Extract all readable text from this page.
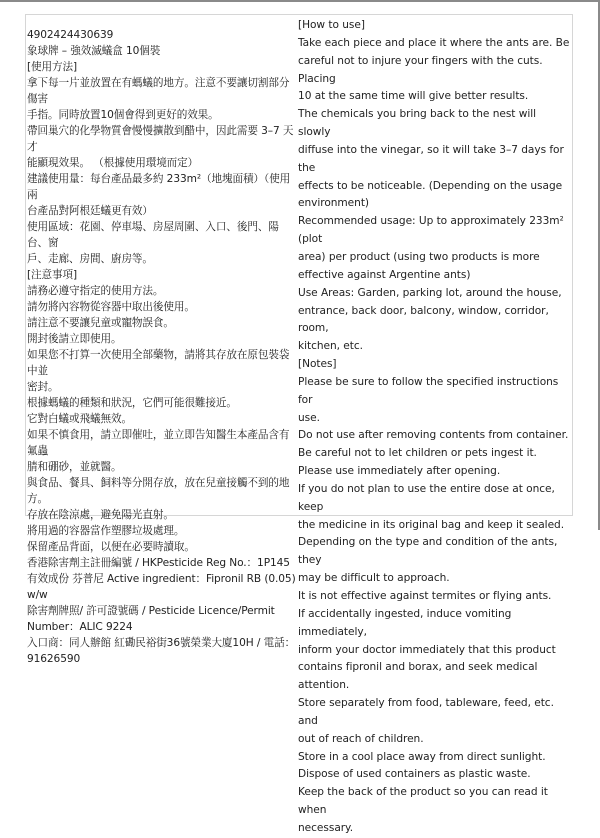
4902424430639
象球牌 – 強效滅蟻盒 10個裝
[使用方法]
拿下每一片並放置在有螞蟻的地方。注意不要讓切割部分傷害
手指。同時放置10個會得到更好的效果。
帶回巢穴的化學物質會慢慢擴散到醋中，因此需要 3–7 天才
能顯現效果。 （根據使用環境而定）
建議使用量：每台產品最多約 233m²（地塊面積）（使用兩
台產品對阿根廷蟻更有效）
使用區域：花園、停車場、房屋周圍、入口、後門、陽台、窗
戶、走廊、房間、廚房等。
[注意事項]
請務必遵守指定的使用方法。
請勿將內容物從容器中取出後使用。
請注意不要讓兒童或寵物誤食。
開封後請立即使用。
如果您不打算一次使用全部藥物，請將其存放在原包裝袋中並
密封。
根據螞蟻的種類和狀況，它們可能很難接近。
它對白蟻或飛蟻無效。
如果不慎食用，請立即催吐，並立即告知醫生本產品含有氟蟲
腈和硼砂，並就醫。
與食品、餐具、飼料等分開存放，放在兒童接觸不到的地方。
存放在陰涼處，避免陽光直射。
將用過的容器當作塑膠垃圾處理。
保留產品背面，以便在必要時讀取。
香港除害劑主註冊編號 / HKPesticide Reg No.：1P145
有效成份 芬普尼 Active ingredient：Fipronil RB (0.05)
w/w
除害劑牌照/ 許可證號碼 / Pesticide Licence/Permit
Number：ALIC 9224
入口商：同人辦館 紅磡民裕街36號榮業大廈10H / 電話：
91626590
[How to use]
Take each piece and place it where the ants are. Be
careful not to injure your fingers with the cuts. Placing
10 at the same time will give better results.
The chemicals you bring back to the nest will slowly
diffuse into the vinegar, so it will take 3–7 days for the
effects to be noticeable. (Depending on the usage
environment)
Recommended usage: Up to approximately 233m² (plot
area) per product (using two products is more
effective against Argentine ants)
Use Areas: Garden, parking lot, around the house,
entrance, back door, balcony, window, corridor, room,
kitchen, etc.
[Notes]
Please be sure to follow the specified instructions for
use.
Do not use after removing contents from container.
Be careful not to let children or pets ingest it.
Please use immediately after opening.
If you do not plan to use the entire dose at once, keep
the medicine in its original bag and keep it sealed.
Depending on the type and condition of the ants, they
may be difficult to approach.
It is not effective against termites or flying ants.
If accidentally ingested, induce vomiting immediately,
inform your doctor immediately that this product
contains fipronil and borax, and seek medical attention.
Store separately from food, tableware, feed, etc. and
out of reach of children.
Store in a cool place away from direct sunlight.
Dispose of used containers as plastic waste.
Keep the back of the product so you can read it when
necessary.
